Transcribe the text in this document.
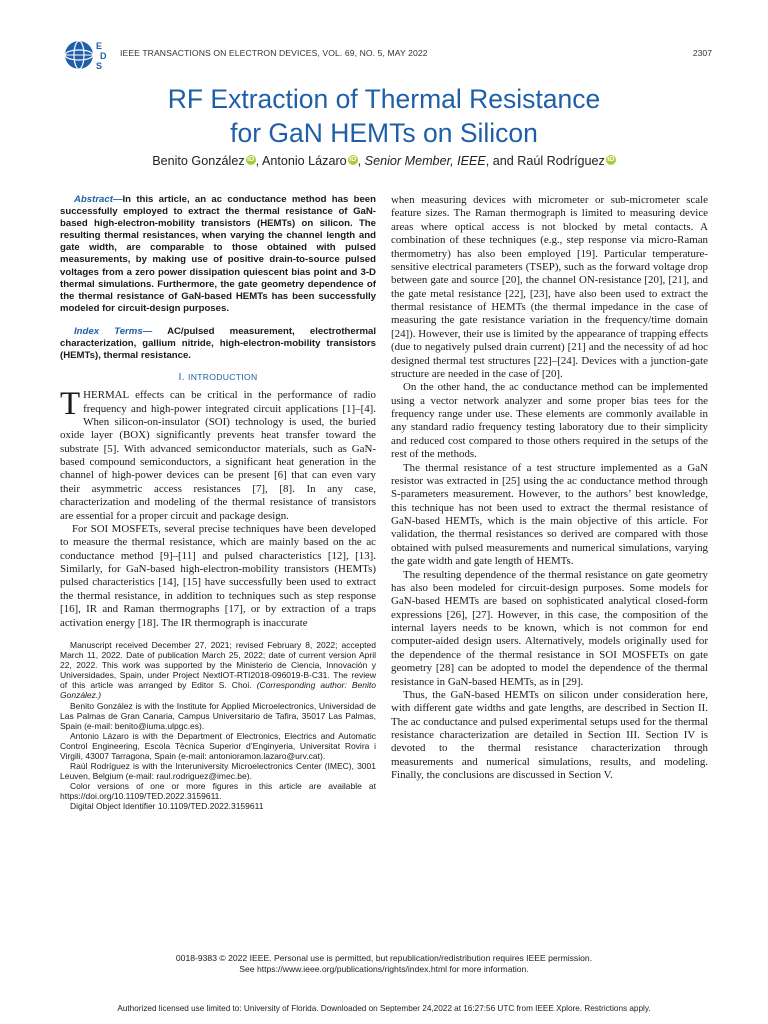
E
D
S
IEEE TRANSACTIONS ON ELECTRON DEVICES, VOL. 69, NO. 5, MAY 2022	2307
RF Extraction of Thermal Resistance
for GaN HEMTs on Silicon
Benito González iD , Antonio Lázaro iD , Senior Member, IEEE, and Raúl Rodríguez iD
Abstract—In this article, an ac conductance method has been successfully employed to extract the thermal resistance of GaN-based high-electron-mobility transistors (HEMTs) on silicon. The resulting thermal resistances, when varying the channel length and gate width, are comparable to those obtained with pulsed measurements, by making use of positive drain-to-source pulsed voltages from a zero power dissipation quiescent bias point and 3-D thermal simulations. Furthermore, the gate geometry dependence of the thermal resistance of GaN-based HEMTs has been successfully modeled for circuit-design purposes.
Index Terms— AC/pulsed measurement, electrothermal characterization, gallium nitride, high-electron-mobility transistors (HEMTs), thermal resistance.
I. INTRODUCTION

THERMAL effects can be critical in the performance of radio frequency and high-power integrated circuit applications [1]–[4]. When silicon-on-insulator (SOI) technology is used, the buried oxide layer (BOX) significantly prevents heat transfer toward the substrate [5]. With advanced semiconductor materials, such as GaN-based compound semiconductors, a significant heat generation in the channel of high-power devices can be present [6] that can even vary their asymmetric access resistances [7], [8]. In any case, characterization and modeling of the thermal resistance of transistors are essential for a proper circuit and package design.

For SOI MOSFETs, several precise techniques have been developed to measure the thermal resistance, which are mainly based on the ac conductance method [9]–[11] and pulsed characteristics [12], [13]. Similarly, for GaN-based high-electron-mobility transistors (HEMTs) pulsed characteristics [14], [15] have successfully been used to extract the thermal resistance, in addition to techniques such as step response [16], IR and Raman thermographs [17], or by extraction of a traps activation energy [18]. The IR thermograph is inaccurate

Manuscript received December 27, 2021; revised February 8, 2022; accepted March 11, 2022. Date of publication March 25, 2022; date of current version April 22, 2022. This work was supported by the Ministerio de Ciencia, Innovación y Universidades, Spain, under Project NextIOT-RTI2018-096019-B-C31. The review of this article was arranged by Editor S. Choi. (Corresponding author: Benito González.)

Benito González is with the Institute for Applied Microelectronics, Universidad de Las Palmas de Gran Canaria, Campus Universitario de Tafira, 35017 Las Palmas, Spain (e-mail: benito@iuma.ulpgc.es).

Antonio Lázaro is with the Department of Electronics, Electrics and Automatic Control Engineering, Escola Tècnica Superior d’Enginyeria, Universitat Rovira i Virgili, 43007 Tarragona, Spain (e-mail: antonioramon.lazaro@urv.cat).

Raúl Rodríguez is with the Interuniversity Microelectronics Center (IMEC), 3001 Leuven, Belgium (e-mail: raul.rodriguez@imec.be).

Color versions of one or more figures in this article are available at https://doi.org/10.1109/TED.2022.3159611.

Digital Object Identifier 10.1109/TED.2022.3159611

when measuring devices with micrometer or sub-micrometer scale feature sizes. The Raman thermograph is limited to measuring device areas where optical access is not blocked by metal contacts. A combination of these techniques (e.g., step response via micro-Raman thermometry) has also been employed [19]. Particular temperature-sensitive electrical parameters (TSEP), such as the forward voltage drop between gate and source [20], the channel ON-resistance [20], [21], and the gate metal resistance [22], [23], have also been used to extract the thermal resistance of HEMTs (the thermal impedance in the case of measuring the gate resistance variation in the frequency/time domain [24]). However, their use is limited by the appearance of trapping effects (due to negatively pulsed drain current) [21] and the necessity of ad hoc designed thermal test structures [22]–[24]. Devices with a junction-gate structure are needed in the case of [20].

On the other hand, the ac conductance method can be implemented using a vector network analyzer and some proper bias tees for the frequency range under use. These elements are commonly available in any standard radio frequency testing laboratory due to their simplicity and reduced cost compared to those others required in the setups of the rest of the methods.

The thermal resistance of a test structure implemented as a GaN resistor was extracted in [25] using the ac conductance method through S-parameters measurement. However, to the authors’ best knowledge, this technique has not been used to extract the thermal resistance of GaN-based HEMTs, which is the main objective of this article. For validation, the thermal resistances so derived are compared with those obtained with pulsed measurements and numerical simulations, varying the gate width and gate length of HEMTs.

The resulting dependence of the thermal resistance on gate geometry has also been modeled for circuit-design purposes. Some models for GaN-based HEMTs are based on sophisticated analytical closed-form expressions [26], [27]. However, in this case, the composition of the internal layers needs to be known, which is not common for end computer-aided design users. Alternatively, models originally used for the dependence of the thermal resistance in SOI MOSFETs on gate geometry [28] can be adopted to model the dependence of the thermal resistance in GaN-based HEMTs, as in [29].

Thus, the GaN-based HEMTs on silicon under consideration here, with different gate widths and gate lengths, are described in Section II. The ac conductance and pulsed experimental setups used for the thermal resistance characterization are detailed in Section III. Section IV is devoted to the thermal resistance characterization through measurements and numerical simulations, results, and modeling. Finally, the conclusions are discussed in Section V.

0018-9383 © 2022 IEEE. Personal use is permitted, but republication/redistribution requires IEEE permission.
See https://www.ieee.org/publications/rights/index.html for more information.
Authorized licensed use limited to: University of Florida. Downloaded on September 24,2022 at 16:27:56 UTC from IEEE Xplore. Restrictions apply.
